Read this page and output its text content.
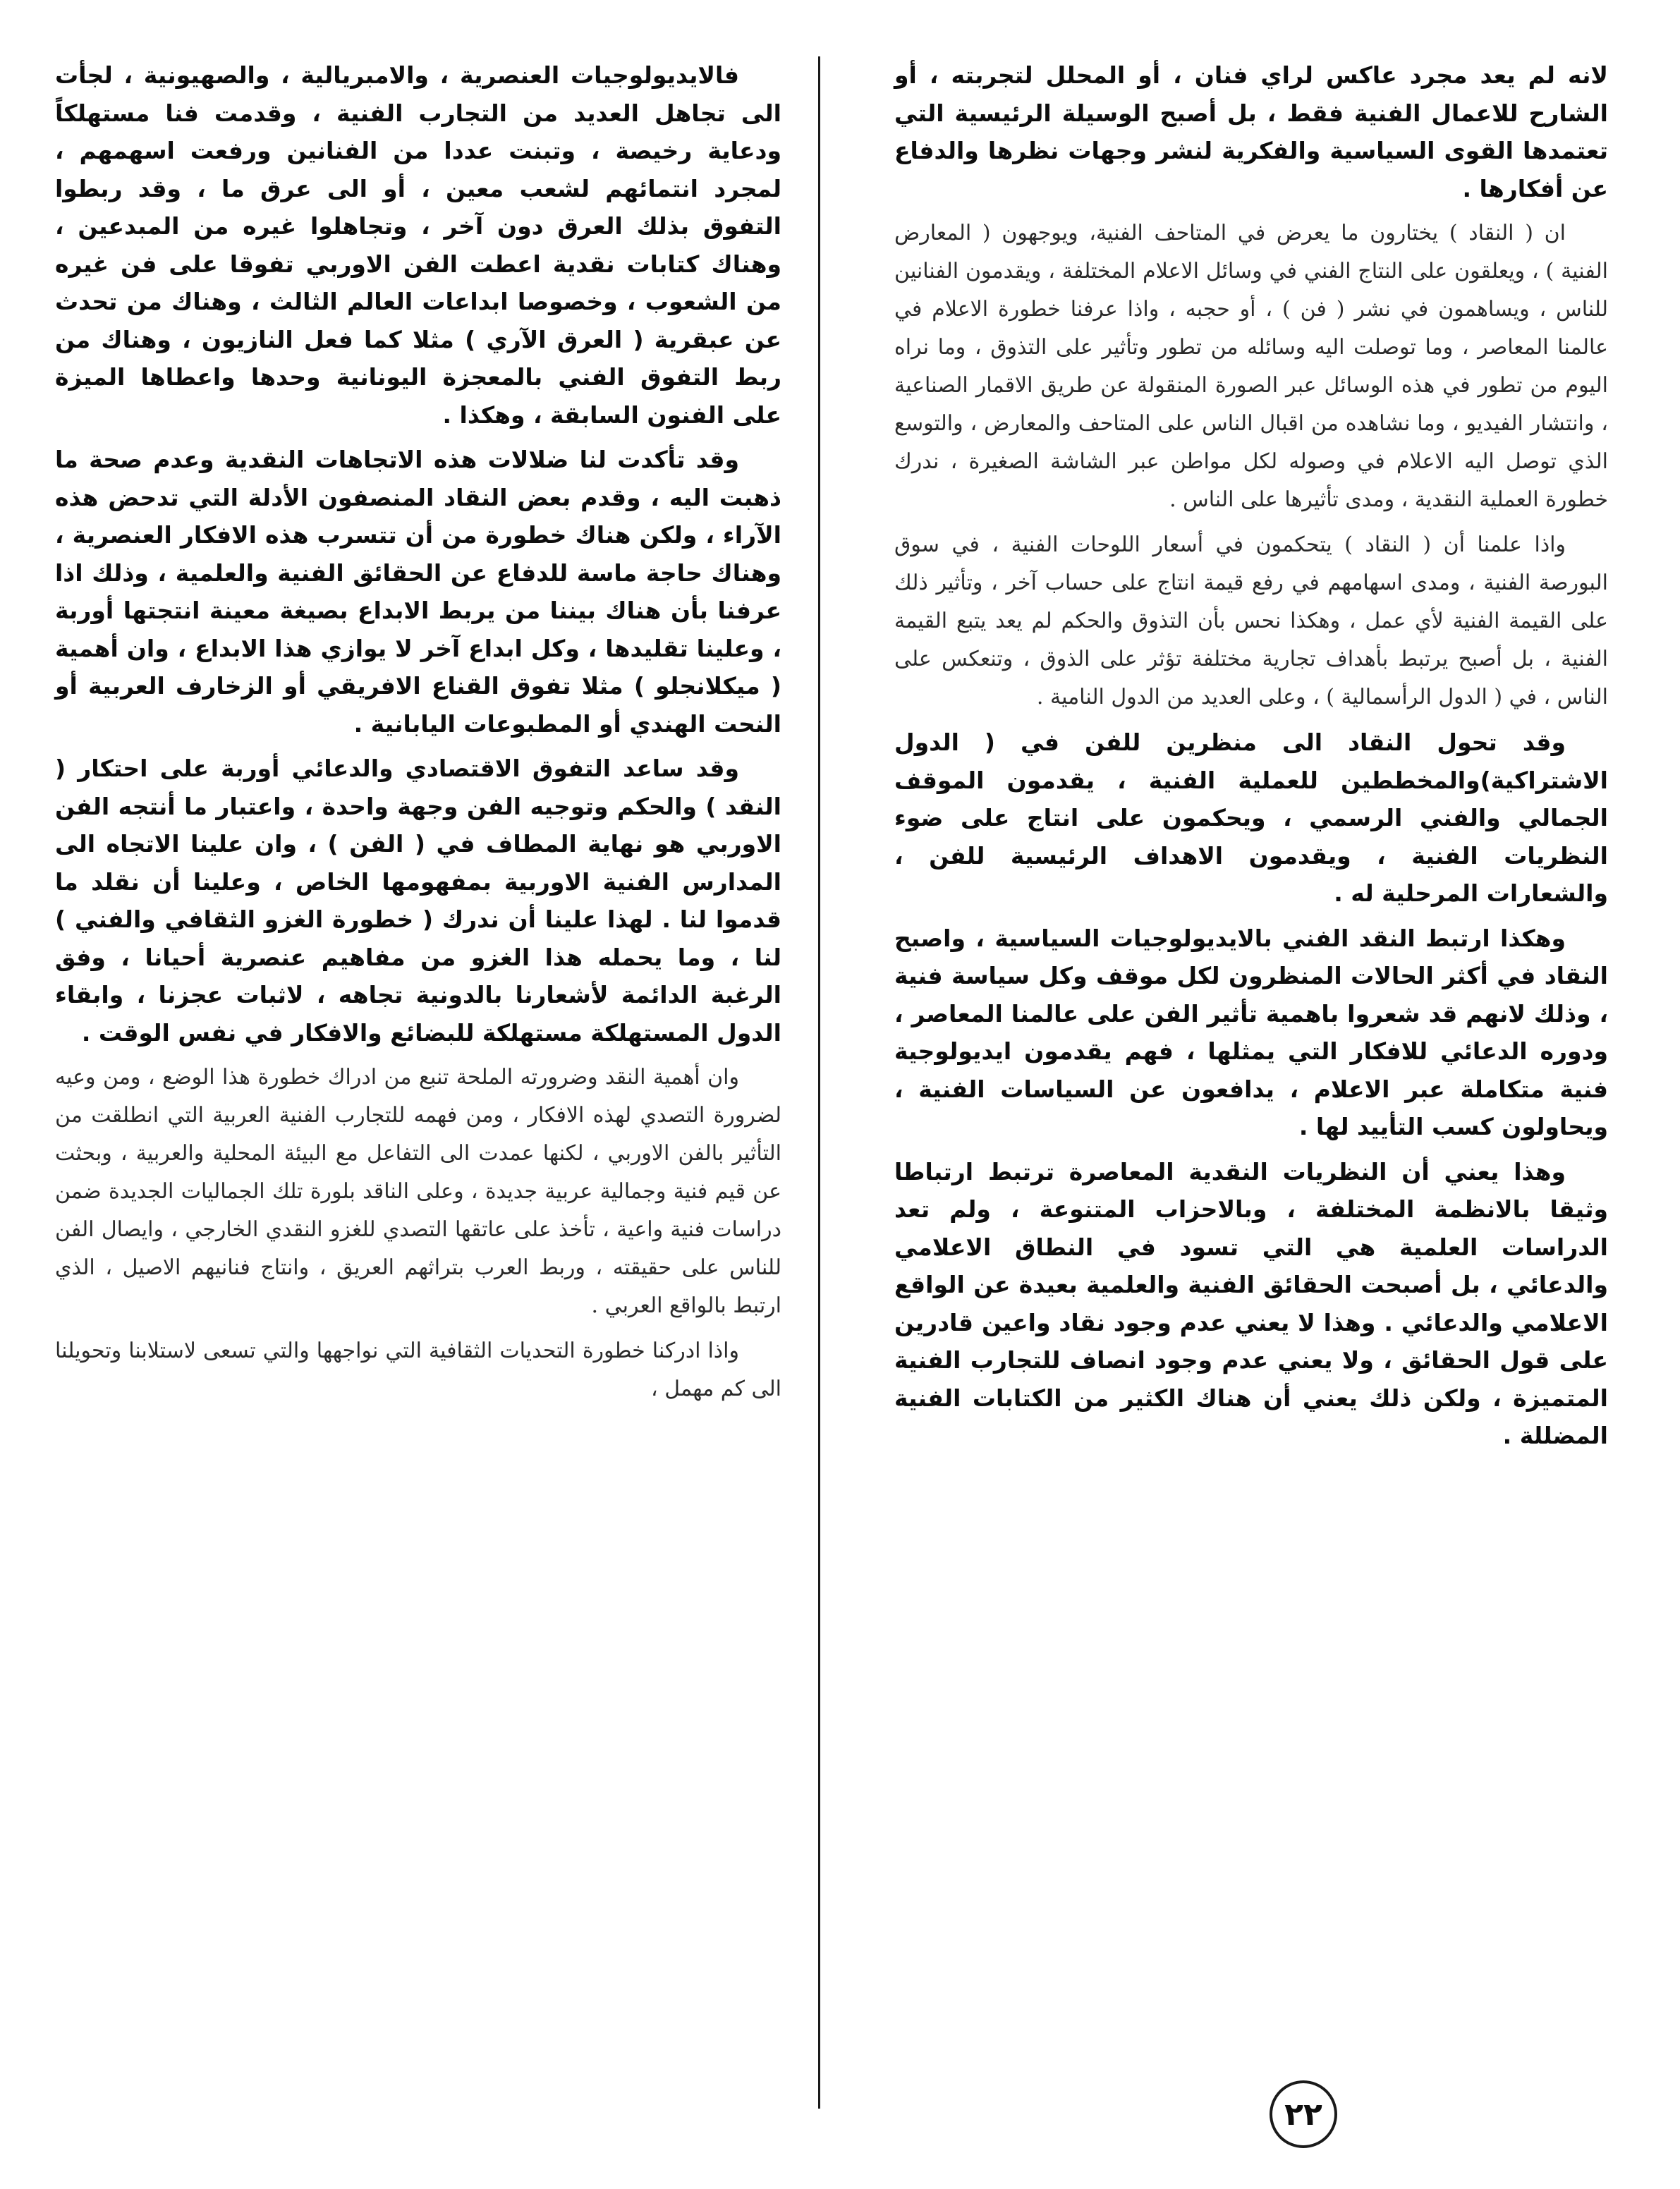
لانه لم يعد مجرد عاكس لراي فنان ، أو المحلل لتجربته ، أو الشارح للاعمال الفنية فقط ، بل أصبح الوسيلة الرئيسية التي تعتمدها القوى السياسية والفكرية لنشر وجهات نظرها والدفاع عن أفكارها .

ان ( النقاد ) يختارون ما يعرض في المتاحف الفنية، ويوجهون ( المعارض الفنية ) ، ويعلقون على النتاج الفني في وسائل الاعلام المختلفة ، ويقدمون الفنانين للناس ، ويساهمون في نشر ( فن ) ، أو حجبه ، واذا عرفنا خطورة الاعلام في عالمنا المعاصر ، وما توصلت اليه وسائله من تطور وتأثير على التذوق ، وما نراه اليوم من تطور في هذه الوسائل عبر الصورة المنقولة عن طريق الاقمار الصناعية ، وانتشار الفيديو ، وما نشاهده من اقبال الناس على المتاحف والمعارض ، والتوسع الذي توصل اليه الاعلام في وصوله لكل مواطن عبر الشاشة الصغيرة ، ندرك خطورة العملية النقدية ، ومدى تأثيرها على الناس .

واذا علمنا أن ( النقاد ) يتحكمون في أسعار اللوحات الفنية ، في سوق البورصة الفنية ، ومدى اسهامهم في رفع قيمة انتاج على حساب آخر ، وتأثير ذلك على القيمة الفنية لأي عمل ، وهكذا نحس بأن التذوق والحكم لم يعد يتبع القيمة الفنية ، بل أصبح يرتبط بأهداف تجارية مختلفة تؤثر على الذوق ، وتنعكس على الناس ، في ( الدول الرأسمالية ) ، وعلى العديد من الدول النامية .

وقد تحول النقاد الى منظرين للفن في ( الدول الاشتراكية)والمخططين للعملية الفنية ، يقدمون الموقف الجمالي والفني الرسمي ، ويحكمون على انتاج على ضوء النظريات الفنية ، ويقدمون الاهداف الرئيسية للفن ، والشعارات المرحلية له .

وهكذا ارتبط النقد الفني بالايديولوجيات السياسية ، واصبح النقاد في أكثر الحالات المنظرون لكل موقف وكل سياسة فنية ، وذلك لانهم قد شعروا باهمية تأثير الفن على عالمنا المعاصر ، ودوره الدعائي للافكار التي يمثلها ، فهم يقدمون ايديولوجية فنية متكاملة عبر الاعلام ، يدافعون عن السياسات الفنية ، ويحاولون كسب التأييد لها .

وهذا يعني أن النظريات النقدية المعاصرة ترتبط ارتباطا وثيقا بالانظمة المختلفة ، وبالاحزاب المتنوعة ، ولم تعد الدراسات العلمية هي التي تسود في النطاق الاعلامي والدعائي ، بل أصبحت الحقائق الفنية والعلمية بعيدة عن الواقع الاعلامي والدعائي . وهذا لا يعني عدم وجود نقاد واعين قادرين على قول الحقائق ، ولا يعني عدم وجود انصاف للتجارب الفنية المتميزة ، ولكن ذلك يعني أن هناك الكثير من الكتابات الفنية المضللة .

فالايديولوجيات العنصرية ، والامبريالية ، والصهيونية ، لجأت الى تجاهل العديد من التجارب الفنية ، وقدمت فنا مستهلكاً ودعاية رخيصة ، وتبنت عددا من الفنانين ورفعت اسهمهم ، لمجرد انتمائهم لشعب معين ، أو الى عرق ما ، وقد ربطوا التفوق بذلك العرق دون آخر ، وتجاهلوا غيره من المبدعين ، وهناك كتابات نقدية اعطت الفن الاوربي تفوقا على فن غيره من الشعوب ، وخصوصا ابداعات العالم الثالث ، وهناك من تحدث عن عبقرية ( العرق الآري ) مثلا كما فعل النازيون ، وهناك من ربط التفوق الفني بالمعجزة اليونانية وحدها واعطاها الميزة على الفنون السابقة ، وهكذا .

وقد تأكدت لنا ضلالات هذه الاتجاهات النقدية وعدم صحة ما ذهبت اليه ، وقدم بعض النقاد المنصفون الأدلة التي تدحض هذه الآراء ، ولكن هناك خطورة من أن تتسرب هذه الافكار العنصرية ، وهناك حاجة ماسة للدفاع عن الحقائق الفنية والعلمية ، وذلك اذا عرفنا بأن هناك بيننا من يربط الابداع بصيغة معينة انتجتها أوربة ، وعلينا تقليدها ، وكل ابداع آخر لا يوازي هذا الابداع ، وان أهمية ( ميكلانجلو ) مثلا تفوق القناع الافريقي أو الزخارف العربية أو النحت الهندي أو المطبوعات اليابانية .

وقد ساعد التفوق الاقتصادي والدعائي أوربة على احتكار ( النقد ) والحكم وتوجيه الفن وجهة واحدة ، واعتبار ما أنتجه الفن الاوربي هو نهاية المطاف في ( الفن ) ، وان علينا الاتجاه الى المدارس الفنية الاوربية بمفهومها الخاص ، وعلينا أن نقلد ما قدموا لنا . لهذا علينا أن ندرك ( خطورة الغزو الثقافي والفني ) لنا ، وما يحمله هذا الغزو من مفاهيم عنصرية أحيانا ، وفق الرغبة الدائمة لأشعارنا بالدونية تجاهه ، لاثبات عجزنا ، وابقاء الدول المستهلكة مستهلكة للبضائع والافكار في نفس الوقت .

وان أهمية النقد وضرورته الملحة تنبع من ادراك خطورة هذا الوضع ، ومن وعيه لضرورة التصدي لهذه الافكار ، ومن فهمه للتجارب الفنية العربية التي انطلقت من التأثير بالفن الاوربي ، لكنها عمدت الى التفاعل مع البيئة المحلية والعربية ، وبحثت عن قيم فنية وجمالية عربية جديدة ، وعلى الناقد بلورة تلك الجماليات الجديدة ضمن دراسات فنية واعية ، تأخذ على عاتقها التصدي للغزو النقدي الخارجي ، وايصال الفن للناس على حقيقته ، وربط العرب بتراثهم العريق ، وانتاج فنانيهم الاصيل ، الذي ارتبط بالواقع العربي .

واذا ادركنا خطورة التحديات الثقافية التي نواجهها والتي تسعى لاستلابنا وتحويلنا الى كم مهمل ،

٢٢
